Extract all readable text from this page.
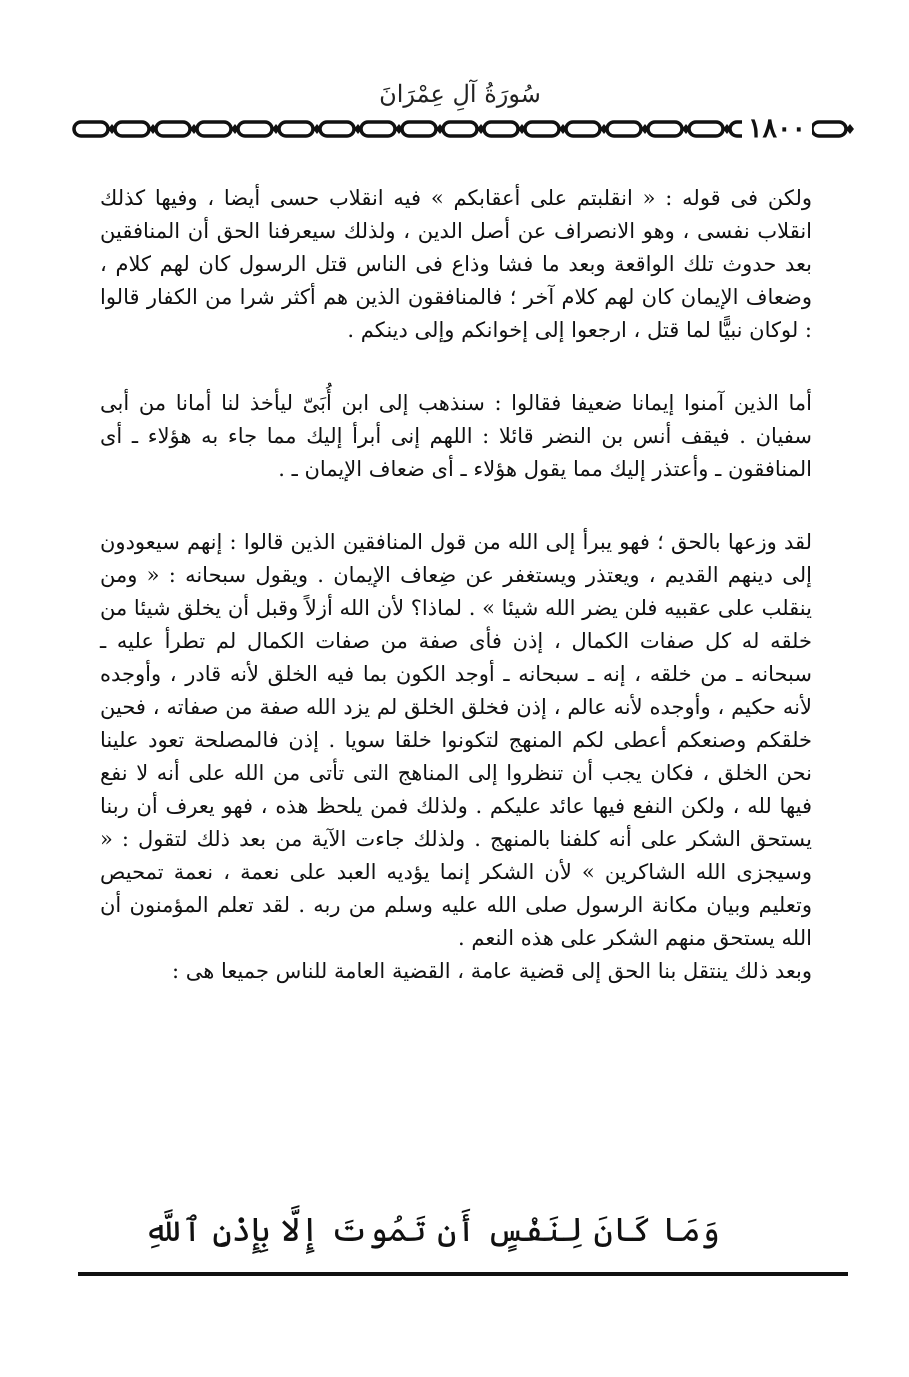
سُورَةُ آلِ عِمْرَانَ
١٨٠٠

ولكن فى قوله : « انقلبتم على أعقابكم » فيه انقلاب حسى أيضا ، وفيها كذلك انقلاب نفسى ، وهو الانصراف عن أصل الدين ، ولذلك سيعرفنا الحق أن المنافقين بعد حدوث تلك الواقعة وبعد ما فشا وذاع فى الناس قتل الرسول كان لهم كلام ، وضعاف الإيمان كان لهم كلام آخر ؛ فالمنافقون الذين هم أكثر شرا من الكفار قالوا : لوكان نبيًّا لما قتل ، ارجعوا إلى إخوانكم وإلى دينكم .

أما الذين آمنوا إيمانا ضعيفا فقالوا : سنذهب إلى ابن أُبَىّ ليأخذ لنا أمانا من أبى سفيان . فيقف أنس بن النضر قائلا : اللهم إنى أبرأ إليك مما جاء به هؤلاء ـ أى المنافقون ـ وأعتذر إليك مما يقول هؤلاء ـ أى ضعاف الإيمان ـ .

لقد وزعها بالحق ؛ فهو يبرأ إلى الله من قول المنافقين الذين قالوا : إنهم سيعودون إلى دينهم القديم ، ويعتذر ويستغفر عن ضِعاف الإيمان . ويقول سبحانه : « ومن ينقلب على عقبيه فلن يضر الله شيئا » . لماذا؟ لأن الله أزلاً وقبل أن يخلق شيئا من خلقه له كل صفات الكمال ، إذن فأى صفة من صفات الكمال لم تطرأ عليه ـ سبحانه ـ من خلقه ، إنه ـ سبحانه ـ أوجد الكون بما فيه الخلق لأنه قادر ، وأوجده لأنه حكيم ، وأوجده لأنه عالم ، إذن فخلق الخلق لم يزد الله صفة من صفاته ، فحين خلقكم وصنعكم أعطى لكم المنهج لتكونوا خلقا سويا . إذن فالمصلحة تعود علينا نحن الخلق ، فكان يجب أن تنظروا إلى المناهج التى تأتى من الله على أنه لا نفع فيها لله ، ولكن النفع فيها عائد عليكم . ولذلك فمن يلحظ هذه ، فهو يعرف أن ربنا يستحق الشكر على أنه كلفنا بالمنهج . ولذلك جاءت الآية من بعد ذلك لتقول : « وسيجزى الله الشاكرين » لأن الشكر إنما يؤديه العبد على نعمة ، نعمة تمحيص وتعليم وبيان مكانة الرسول صلى الله عليه وسلم من ربه . لقد تعلم المؤمنون أن الله يستحق منهم الشكر على هذه النعم .

وبعد ذلك ينتقل بنا الحق إلى قضية عامة ، القضية العامة للناس جميعا هى :

وَمَا كَانَ لِنَفْسٍ أَن تَمُوتَ إِلَّا بِإِذْنِ ٱللَّهِ
